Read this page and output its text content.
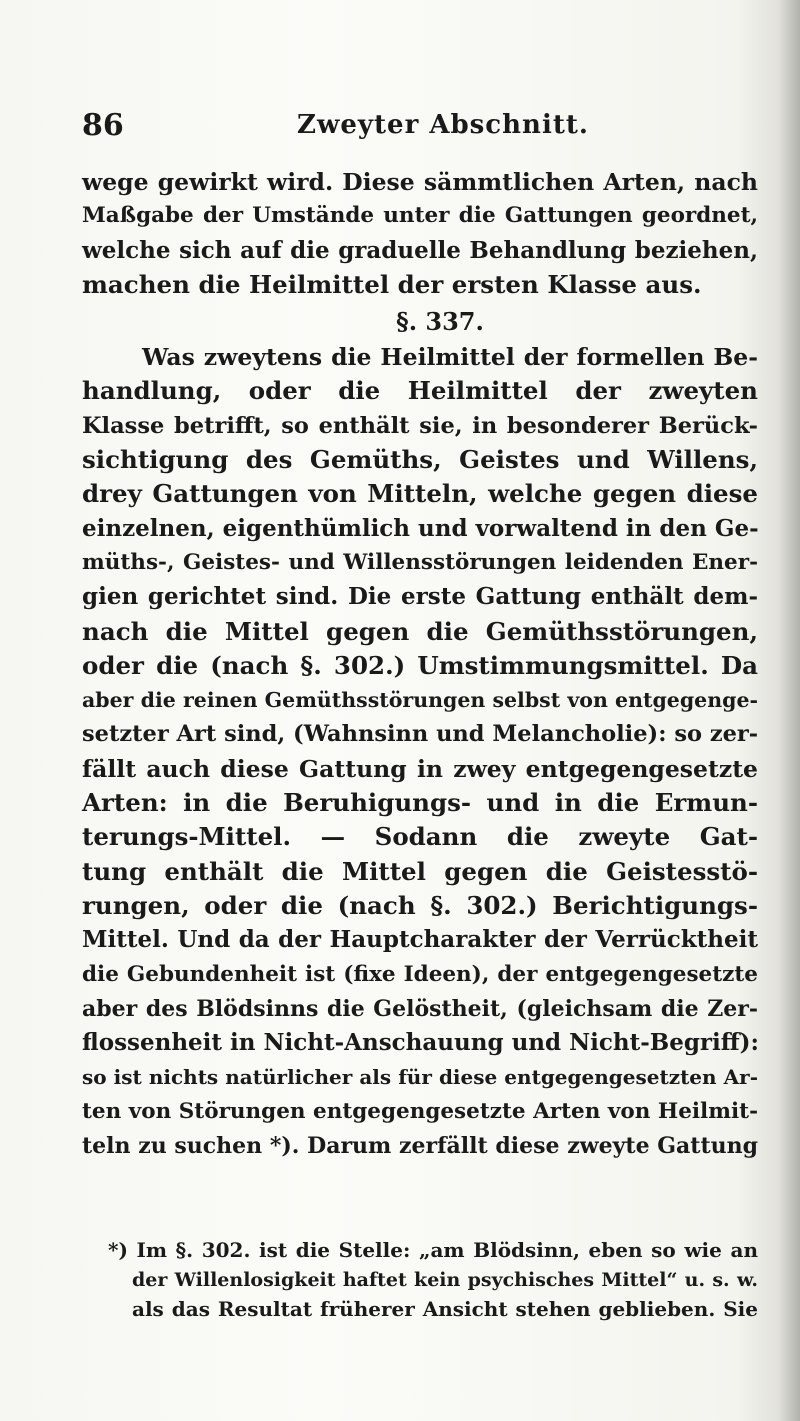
86	Zweyter Abschnitt.
wege gewirkt wird. Diese sämmtlichen Arten, nach
Maßgabe der Umstände unter die Gattungen geordnet,
welche sich auf die graduelle Behandlung beziehen,
machen die Heilmittel der ersten Klasse aus.
§. 337.
Was zweytens die Heilmittel der formellen Be-
handlung, oder die Heilmittel der zweyten
Klasse betrifft, so enthält sie, in besonderer Berück-
sichtigung des Gemüths, Geistes und Willens,
drey Gattungen von Mitteln, welche gegen diese
einzelnen, eigenthümlich und vorwaltend in den Ge-
müths-, Geistes- und Willensstörungen leidenden Ener-
gien gerichtet sind. Die erste Gattung enthält dem-
nach die Mittel gegen die Gemüthsstörungen,
oder die (nach §. 302.) Umstimmungsmittel. Da
aber die reinen Gemüthsstörungen selbst von entgegenge-
setzter Art sind, (Wahnsinn und Melancholie): so zer-
fällt auch diese Gattung in zwey entgegengesetzte
Arten: in die Beruhigungs- und in die Ermun-
terungs-Mittel. — Sodann die zweyte Gat-
tung enthält die Mittel gegen die Geistesstö-
rungen, oder die (nach §. 302.) Berichtigungs-
Mittel. Und da der Hauptcharakter der Verrücktheit
die Gebundenheit ist (fixe Ideen), der entgegengesetzte
aber des Blödsinns die Gelöstheit, (gleichsam die Zer-
flossenheit in Nicht-Anschauung und Nicht-Begriff):
so ist nichts natürlicher als für diese entgegengesetzten Ar-
ten von Störungen entgegengesetzte Arten von Heilmit-
teln zu suchen *). Darum zerfällt diese zweyte Gattung
*) Im §. 302. ist die Stelle: „am Blödsinn, eben so wie an
der Willenlosigkeit haftet kein psychisches Mittel“ u. s. w.
als das Resultat früherer Ansicht stehen geblieben. Sie
